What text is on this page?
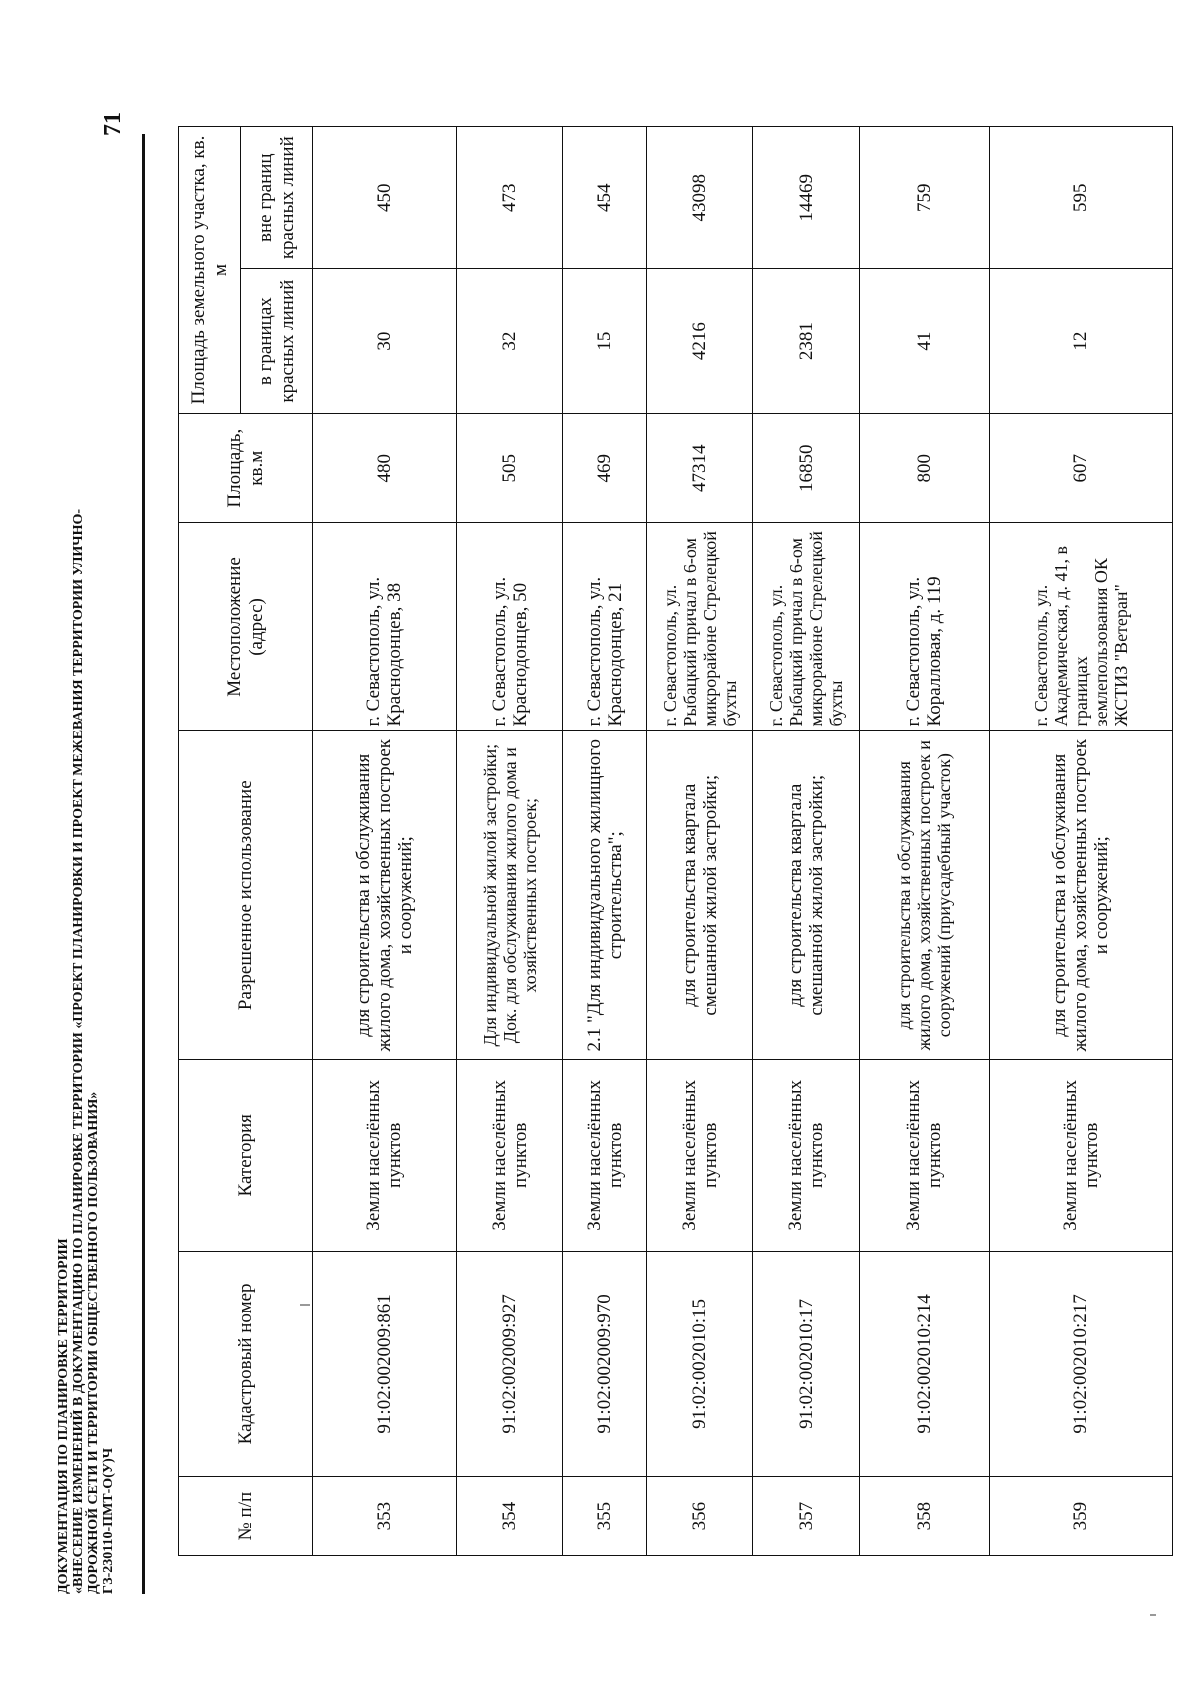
71
ДОКУМЕНТАЦИЯ ПО ПЛАНИРОВКЕ ТЕРРИТОРИИ «ВНЕСЕНИЕ ИЗМЕНЕНИЙ В ДОКУМЕНТАЦИЮ ПО ПЛАНИРОВКЕ ТЕРРИТОРИИ «ПРОЕКТ ПЛАНИРОВКИ И ПРОЕКТ МЕЖЕВАНИЯ ТЕРРИТОРИИ УЛИЧНО- ДОРОЖНОЙ СЕТИ И ТЕРРИТОРИИ ОБЩЕСТВЕННОГО ПОЛЬЗОВАНИЯ» ГЗ-230110-ПМТ-О(У)Ч	№ п/п	Кадастровый номер	Категория	Разрешенное использование	Местоположение (адрес)	Площадь, кв.м	Площадь земельного участка, кв. м	
						в границах красных линий	вне границ красных линий
353	91:02:002009:861	Земли населённых пунктов	для строительства и обслуживания жилого дома, хозяйственных построек и сооружений;	г. Севастополь, ул. Краснодонцев, 38	480	30	450
354	91:02:002009:927	Земли населённых пунктов	Для индивидуальной жилой застройки; Док. для обслуживания жилого дома и хозяйственных построек;	г. Севастополь, ул. Краснодонцев, 50	505	32	473
355	91:02:002009:970	Земли населённых пунктов	2.1 "Для индивидуального жилищного строительства";	г. Севастополь, ул. Краснодонцев, 21	469	15	454
356	91:02:002010:15	Земли населённых пунктов	для строительства квартала смешанной жилой застройки;	г. Севастополь, ул. Рыбацкий причал в 6-ом микрорайоне Стрелецкой бухты	47314	4216	43098
357	91:02:002010:17	Земли населённых пунктов	для строительства квартала смешанной жилой застройки;	г. Севастополь, ул. Рыбацкий причал в 6-ом микрорайоне Стрелецкой бухты	16850	2381	14469
358	91:02:002010:214	Земли населённых пунктов	для строительства и обслуживания жилого дома, хозяйственных построек и сооружений (приусадебный участок)	г. Севастополь, ул. Коралловая, д. 119	800	41	759
359	91:02:002010:217	Земли населённых пунктов	для строительства и обслуживания жилого дома, хозяйственных построек и сооружений;	г. Севастополь, ул. Академическая, д. 41, в границах землепользования ОК ЖСТИЗ "Ветеран"	607	12	595
